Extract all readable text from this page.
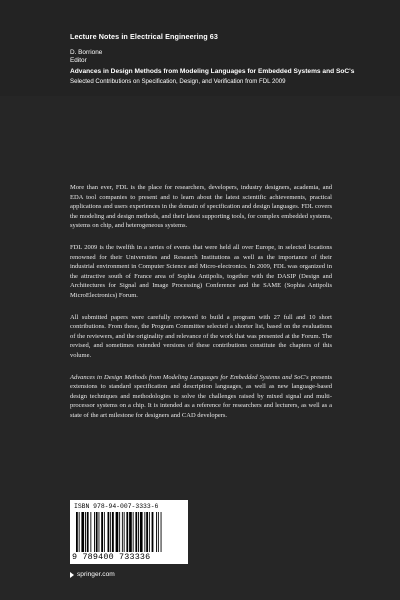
Lecture Notes in Electrical Engineering 63
D. Borrione
Editor
Advances in Design Methods from Modeling Languages for Embedded Systems and SoC's
Selected Contributions on Specification, Design, and Verification from FDL 2009

More than ever, FDL is the place for researchers, developers, industry designers, academia, and EDA tool companies to present and to learn about the latest scientific achievements, practical applications and users experiences in the domain of specification and design languages. FDL covers the modeling and design methods, and their latest supporting tools, for complex embedded systems, systems on chip, and heterogeneous systems.

FDL 2009 is the twelfth in a series of events that were held all over Europe, in selected locations renowned for their Universities and Research Institutions as well as the importance of their industrial environment in Computer Science and Micro-electronics. In 2009, FDL was organized in the attractive south of France area of Sophia Antipolis, together with the DASIP (Design and Architectures for Signal and Image Processing) Conference and the SAME (Sophia Antipolis MicroElectronics) Forum.

All submitted papers were carefully reviewed to build a program with 27 full and 10 short contributions. From these, the Program Committee selected a shorter list, based on the evaluations of the reviewers, and the originality and relevance of the work that was presented at the Forum. The revised, and sometimes extended versions of these contributions constitute the chapters of this volume.

Advances in Design Methods from Modeling Languages for Embedded Systems and SoC's presents extensions to standard specification and description languages, as well as new language-based design techniques and methodologies to solve the challenges raised by mixed signal and multi-processor systems on a chip. It is intended as a reference for researchers and lecturers, as well as a state of the art milestone for designers and CAD developers.

ISBN 978-94-007-3333-6
9 789400 733336
springer.com
